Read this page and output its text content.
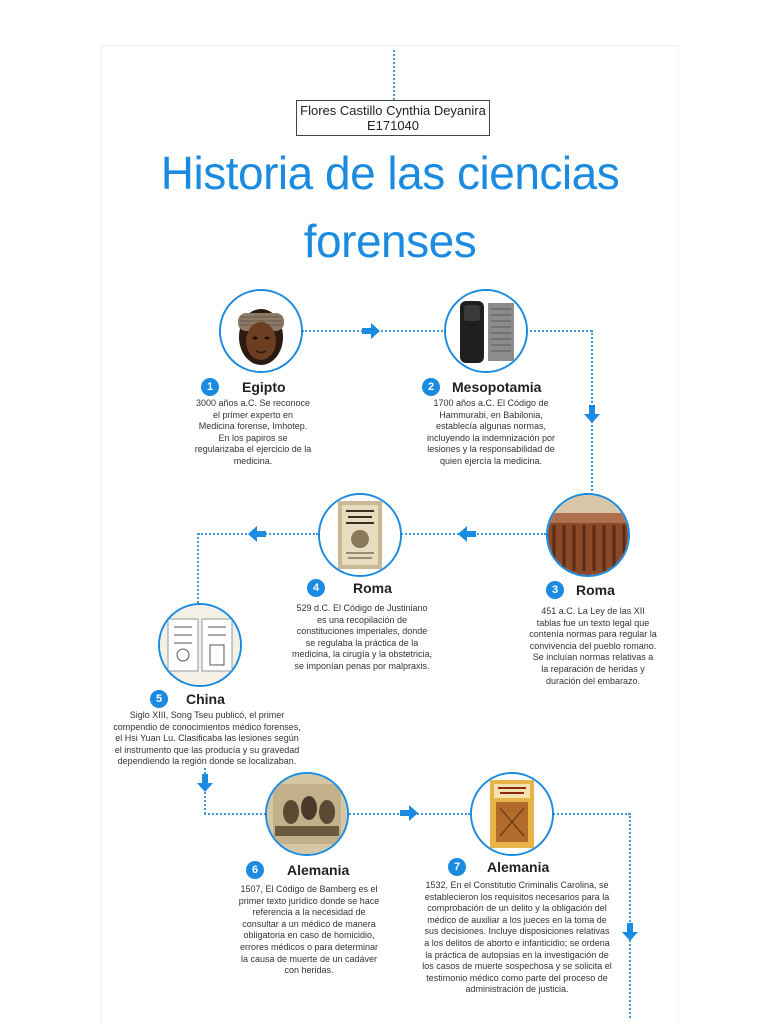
Flores Castillo Cynthia Deyanira
E171040
Historia de las ciencias
forenses
1	Egipto
3000 años a.C. Se reconoce el primer experto en Medicina forense, Imhotep. En los papiros se regularizaba el ejercicio de la medicina.
2	Mesopotamia
1700 años a.C. El Código de Hammurabi, en Babilonia, establecía algunas normas, incluyendo la indemnización por lesiones y la responsabilidad de quien ejercía la medicina.
3	Roma
451 a.C. La Ley de las XII tablas fue un texto legal que contenía normas para regular la convivencia del pueblo romano. Se incluían normas relativas a la reparación de heridas y duración del embarazo.
4	Roma
529 d.C. El Código de Justiniano es una recopilación de constituciones imperiales, donde se regulaba la práctica de la medicina, la cirugía y la obstetricia, se imponían penas por malpraxis.
5	China
Siglo XIII, Song Tseu publicó, el primer compendio de conocimientos médico forenses, el Hsi Yuan Lu. Clasificaba las lesiones según el instrumento que las producía y su gravedad dependiendo la región donde se localizaban.
6	Alemania
1507, El Código de Bamberg es el primer texto jurídico donde se hace referencia a la necesidad de consultar a un médico de manera obligatoria en caso de homicidio, errores médicos o para determinar la causa de muerte de un cadáver con heridas.
7	Alemania
1532, En el Constitutio Criminalis Carolina, se establecieron los requisitos necesarios para la comprobación de un delito y la obligación del médico de auxiliar a los jueces en la toma de sus decisiones. Incluye disposiciones relativas a los delitos de aborto e infanticidio; se ordena la práctica de autopsias en la investigación de los casos de muerte sospechosa y se solicita el testimonio médico como parte del proceso de administración de justicia.
